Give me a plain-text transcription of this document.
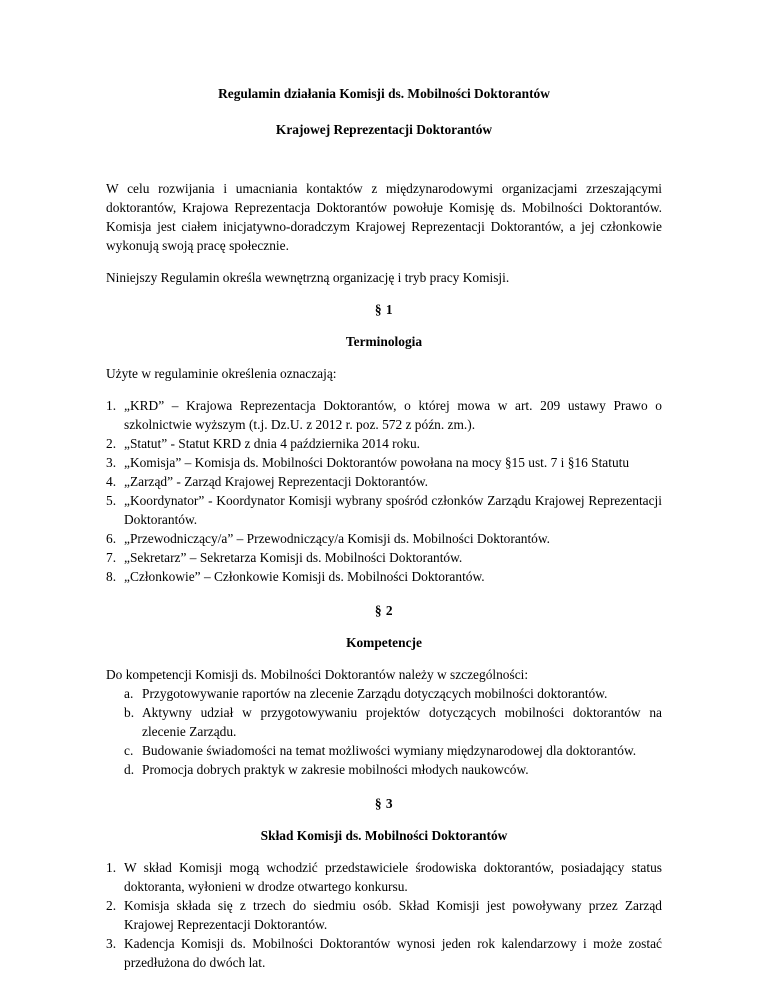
Regulamin działania Komisji ds. Mobilności Doktorantów
Krajowej Reprezentacji Doktorantów

W celu rozwijania i umacniania kontaktów z międzynarodowymi organizacjami zrzeszającymi doktorantów, Krajowa Reprezentacja Doktorantów powołuje Komisję ds. Mobilności Doktorantów. Komisja jest ciałem inicjatywno-doradczym Krajowej Reprezentacji Doktorantów, a jej członkowie wykonują swoją pracę społecznie.

Niniejszy Regulamin określa wewnętrzną organizację i tryb pracy Komisji.

§ 1
Terminologia

Użyte w regulaminie określenia oznaczają:

1. „KRD” – Krajowa Reprezentacja Doktorantów, o której mowa w art. 209 ustawy Prawo o szkolnictwie wyższym (t.j. Dz.U. z 2012 r. poz. 572 z późn. zm.).
2. „Statut” - Statut KRD z dnia 4 października 2014 roku.
3. „Komisja” – Komisja ds. Mobilności Doktorantów powołana na mocy §15 ust. 7 i §16 Statutu
4. „Zarząd” - Zarząd Krajowej Reprezentacji Doktorantów.
5. „Koordynator” - Koordynator Komisji wybrany spośród członków Zarządu Krajowej Reprezentacji Doktorantów.
6. „Przewodniczący/a” – Przewodniczący/a Komisji ds. Mobilności Doktorantów.
7. „Sekretarz” – Sekretarza Komisji ds. Mobilności Doktorantów.
8. „Członkowie” – Członkowie Komisji ds. Mobilności Doktorantów.
§ 2
Kompetencje

Do kompetencji Komisji ds. Mobilności Doktorantów należy w szczególności:

a. Przygotowywanie raportów na zlecenie Zarządu dotyczących mobilności doktorantów.
b. Aktywny udział w przygotowywaniu projektów dotyczących mobilności doktorantów na zlecenie Zarządu.
c. Budowanie świadomości na temat możliwości wymiany międzynarodowej dla doktorantów.
d. Promocja dobrych praktyk w zakresie mobilności młodych naukowców.
§ 3
Skład Komisji ds. Mobilności Doktorantów
1. W skład Komisji mogą wchodzić przedstawiciele środowiska doktorantów, posiadający status doktoranta, wyłonieni w drodze otwartego konkursu.
2. Komisja składa się z trzech do siedmiu osób. Skład Komisji jest powoływany przez Zarząd Krajowej Reprezentacji Doktorantów.
3. Kadencja Komisji ds. Mobilności Doktorantów wynosi jeden rok kalendarzowy i może zostać przedłużona do dwóch lat.
